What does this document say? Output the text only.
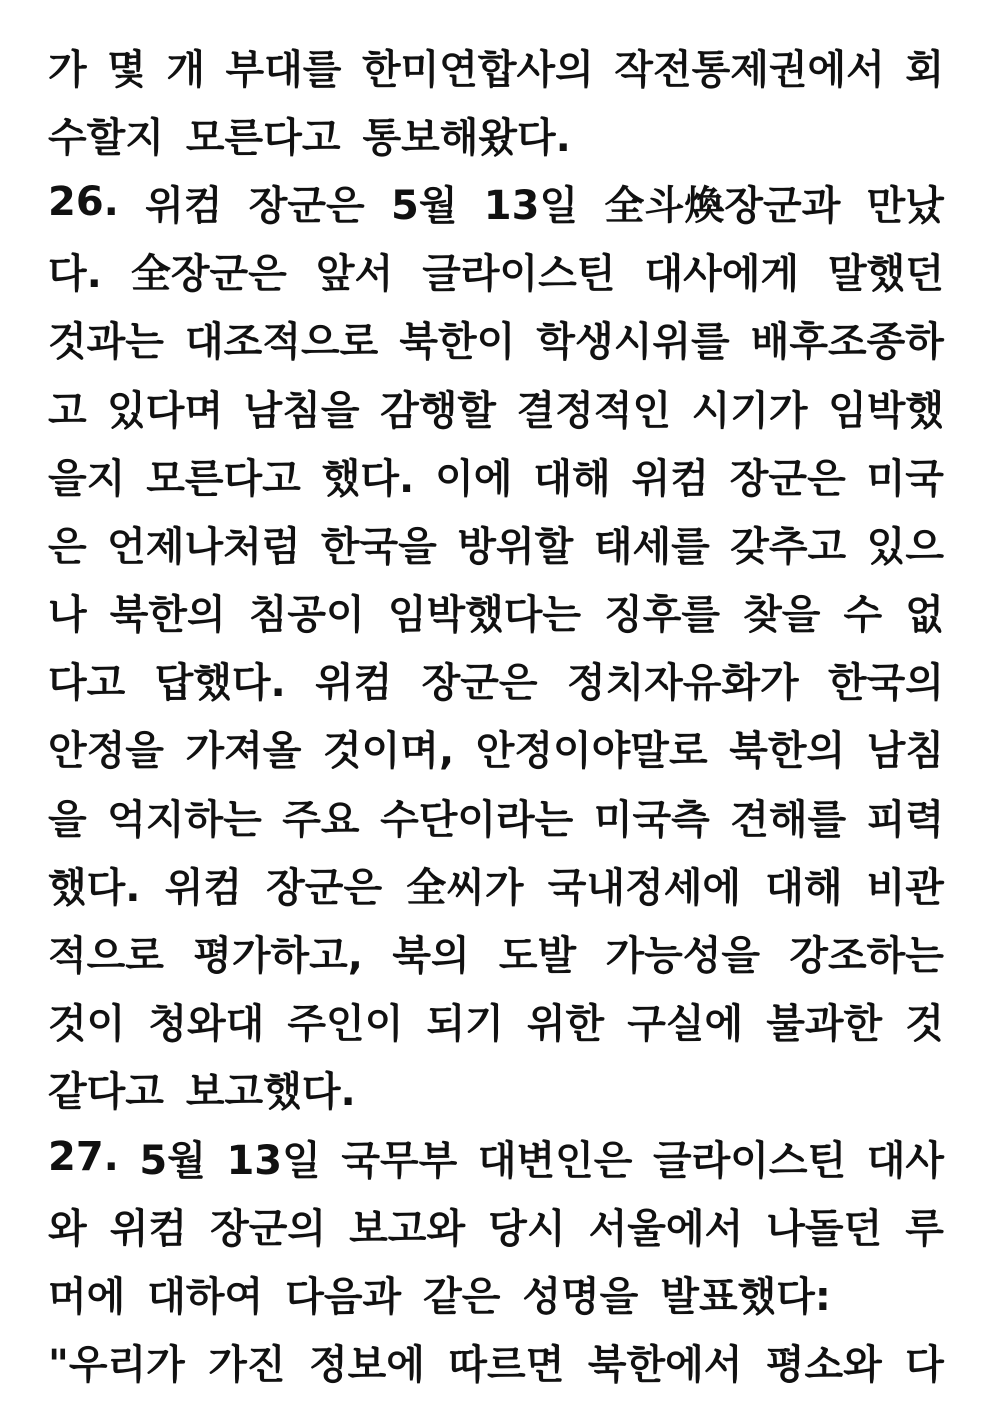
가 몇 개 부대를 한미연합사의 작전통제권에서 회
수할지 모른다고 통보해왔다.
26. 위컴 장군은 5월 13일 全斗煥장군과 만났
다. 全장군은 앞서 글라이스틴 대사에게 말했던
것과는 대조적으로 북한이 학생시위를 배후조종하
고 있다며 남침을 감행할 결정적인 시기가 임박했
을지 모른다고 했다. 이에 대해 위컴 장군은 미국
은 언제나처럼 한국을 방위할 태세를 갖추고 있으
나 북한의 침공이 임박했다는 징후를 찾을 수 없
다고 답했다. 위컴 장군은 정치자유화가 한국의
안정을 가져올 것이며, 안정이야말로 북한의 남침
을 억지하는 주요 수단이라는 미국측 견해를 피력
했다. 위컴 장군은 全씨가 국내정세에 대해 비관
적으로 평가하고, 북의 도발 가능성을 강조하는
것이 청와대 주인이 되기 위한 구실에 불과한 것
같다고 보고했다.
27. 5월 13일 국무부 대변인은 글라이스틴 대사
와 위컴 장군의 보고와 당시 서울에서 나돌던 루
머에 대하여 다음과 같은 성명을 발표했다:
"우리가 가진 정보에 따르면 북한에서 평소와 다
